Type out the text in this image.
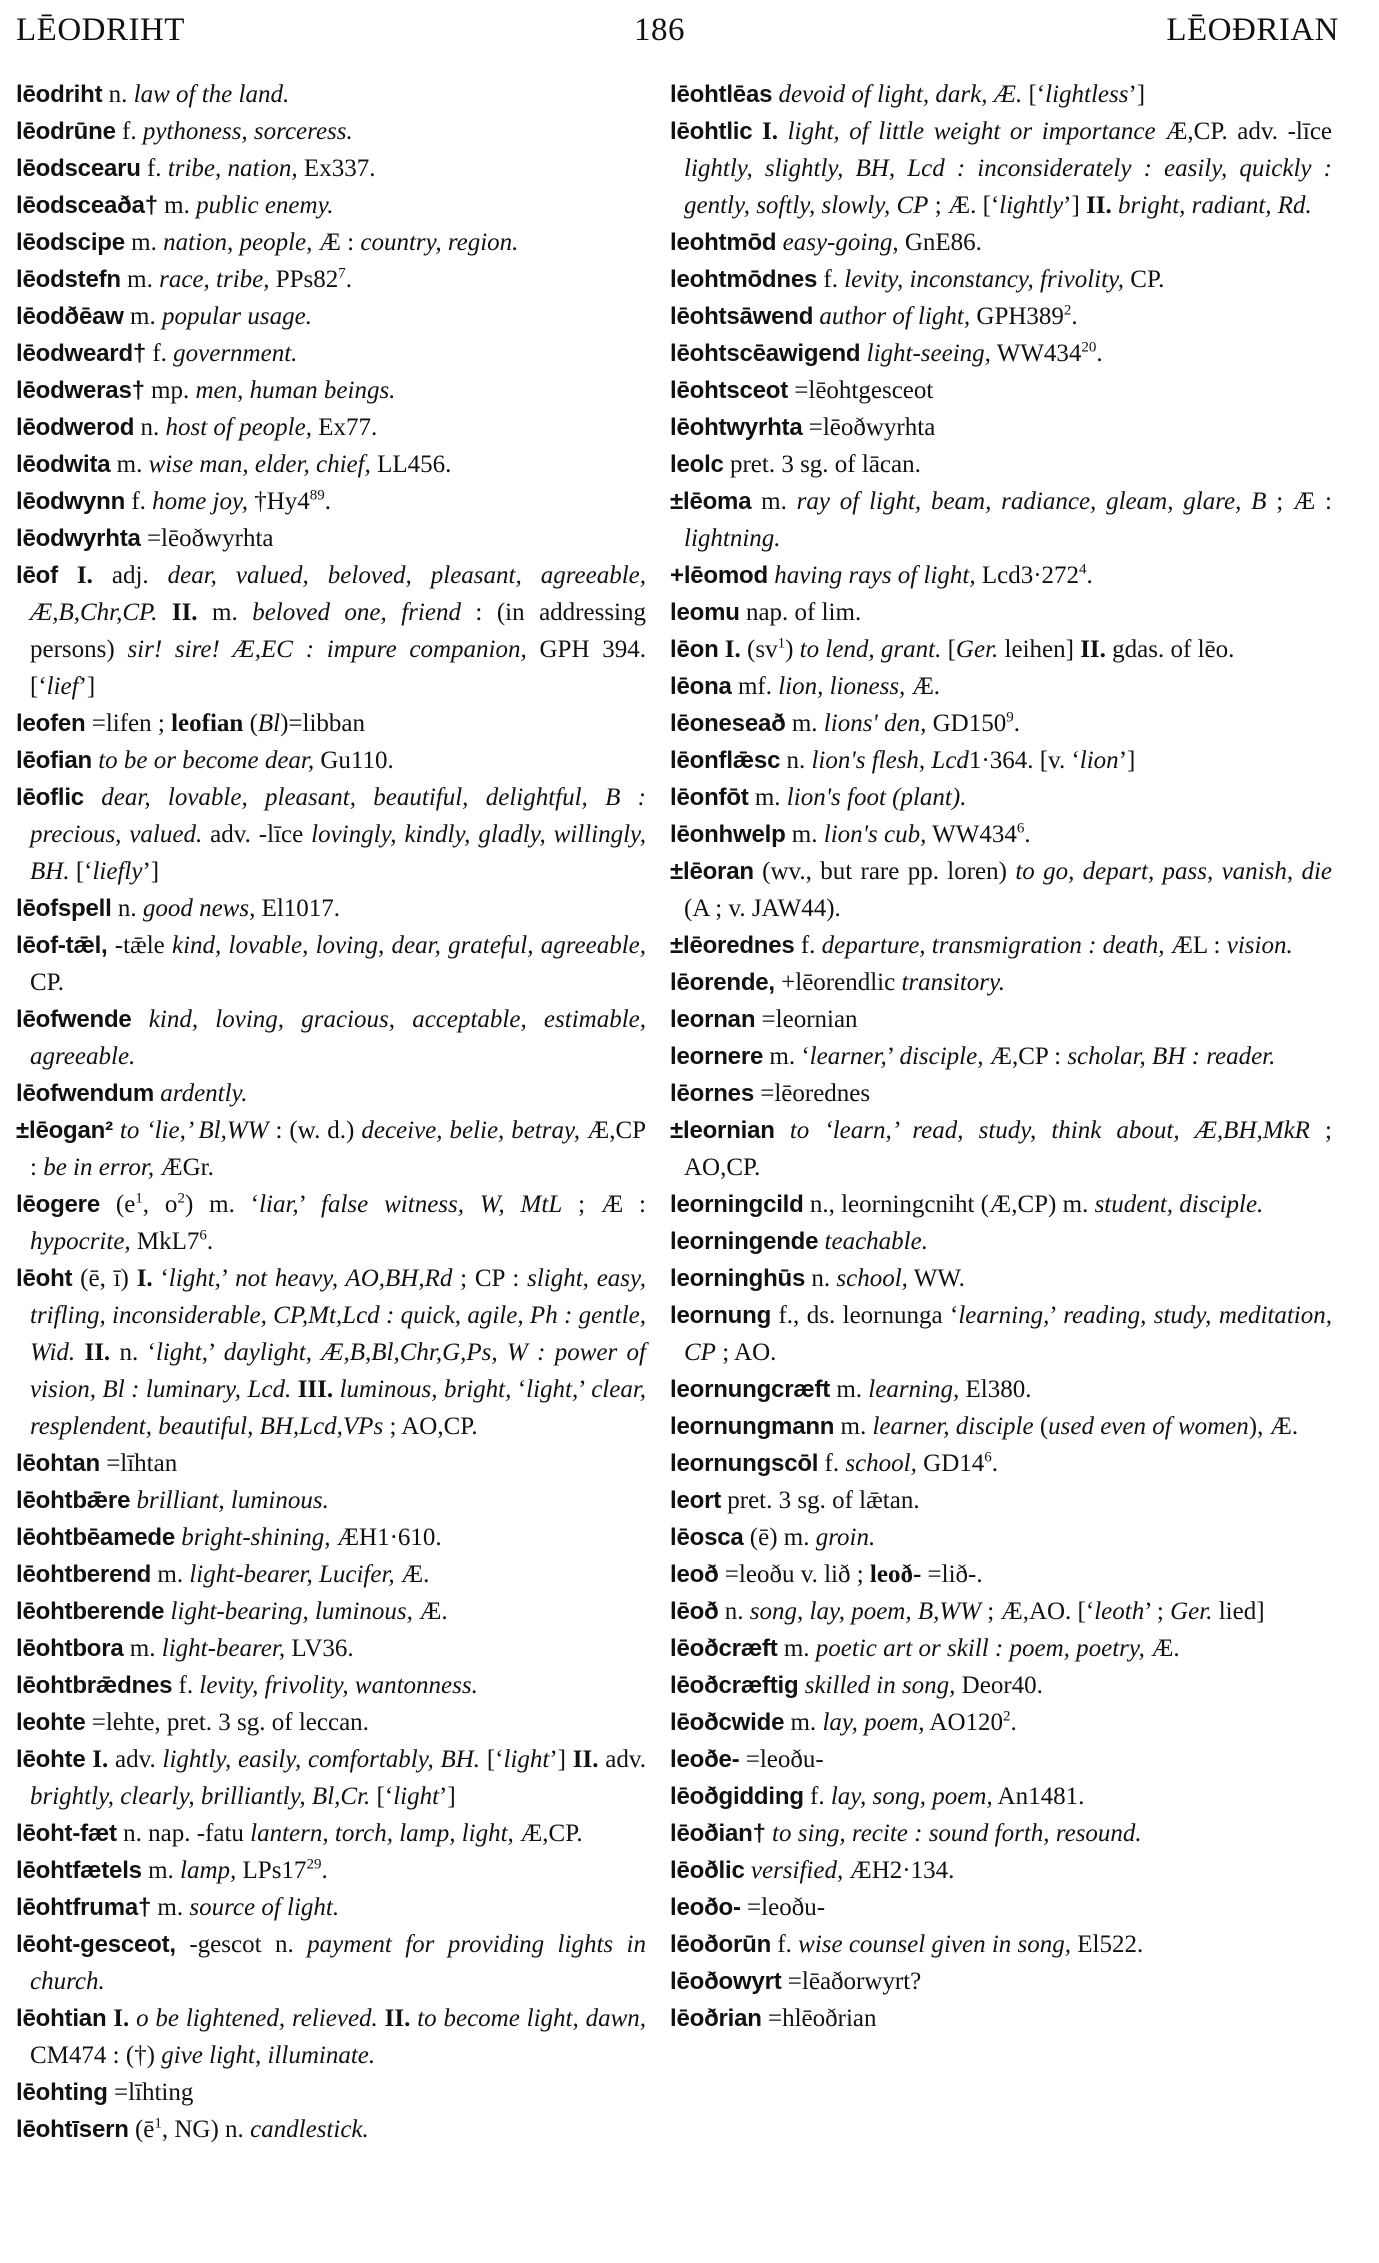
LĒODRIHT	186	LĒOÐRIAN
lēodriht n. law of the land.
lēodrūne f. pythoness, sorceress.
lēodscearu f. tribe, nation, Ex337.
lēodsceaða† m. public enemy.
lēodscipe m. nation, people, Æ : country, region.
lēodstefn m. race, tribe, $PPs82^7$.
lēodðēaw m. popular usage.
lēodweard† f. government.
lēodweras† mp. men, human beings.
lēodwerod n. host of people, Ex77.
lēodwita m. wise man, elder, chief, LL456.
lēodwynn f. home joy, $\dagger Hy4^{89}$.
lēodwyrhta =lēoðwyrhta
lēof I. adj. dear, valued, beloved, pleasant, agreeable, Æ,B,Chr,CP. II. m. beloved one, friend : (in addressing persons) sir! sire! Æ,EC : impure companion, GPH 394. [‘lief’]
leofen =lifen ; leofian (Bl)=libban
lēofian to be or become dear, Gu110.
lēoflic dear, lovable, pleasant, beautiful, delightful, B : precious, valued. adv. -līce lovingly, kindly, gladly, willingly, BH. [‘liefly’]
lēofspell n. good news, El1017.
lēof-tǣl, -tǣle kind, lovable, loving, dear, grateful, agreeable, CP.
lēofwende kind, loving, gracious, acceptable, estimable, agreeable.
lēofwendum ardently.
±lēogan² to ‘lie,’ Bl,WW : (w. d.) deceive, belie, betray, Æ,CP : be in error, ÆGr.
lēogere ($e^1$, $o^2$) m. ‘liar,’ false witness, W, MtL ; Æ : hypocrite, $MkL7^6$.
lēoht (ē, ī) I. ‘light,’ not heavy, AO,BH,Rd ; CP : slight, easy, trifling, inconsiderable, CP,Mt,Lcd : quick, agile, Ph : gentle, Wid. II. n. ‘light,’ daylight, Æ,B,Bl,Chr,G,Ps, W : power of vision, Bl : luminary, Lcd. III. luminous, bright, ‘light,’ clear, resplendent, beautiful, BH,Lcd,VPs ; AO,CP.
lēohtan =līhtan
lēohtbǣre brilliant, luminous.
lēohtbēamede bright-shining, ÆH1·610.
lēohtberend m. light-bearer, Lucifer, Æ.
lēohtberende light-bearing, luminous, Æ.
lēohtbora m. light-bearer, LV36.
lēohtbrǣdnes f. levity, frivolity, wantonness.
leohte =lehte, pret. 3 sg. of leccan.
lēohte I. adv. lightly, easily, comfortably, BH. [‘light’] II. adv. brightly, clearly, brilliantly, Bl,Cr. [‘light’]
lēoht-fæt n. nap. -fatu lantern, torch, lamp, light, Æ,CP.
lēohtfætels m. lamp, $LPs17^{29}$.
lēohtfruma† m. source of light.
lēoht-gesceot, -gescot n. payment for providing lights in church.
lēohtian I. o be lightened, relieved. II. to become light, dawn, CM474 : (†) give light, illuminate.
lēohting =līhting
lēohtīsern ($ē^1$, NG) n. candlestick.
lēohtlēas devoid of light, dark, Æ. [‘lightless’]
lēohtlic I. light, of little weight or importance Æ,CP. adv. -līce lightly, slightly, BH, Lcd : inconsiderately : easily, quickly : gently, softly, slowly, CP ; Æ. [‘lightly’] II. bright, radiant, Rd.
leohtmōd easy-going, GnE86.
leohtmōdnes f. levity, inconstancy, frivolity, CP.
lēohtsāwend author of light, $GPH389^2$.
lēohtscēawigend light-seeing, $WW434^{20}$.
lēohtsceot =lēohtgesceot
lēohtwyrhta =lēoðwyrhta
leolc pret. 3 sg. of lācan.
±lēoma m. ray of light, beam, radiance, gleam, glare, B ; Æ : lightning.
+lēomod having rays of light, $Lcd3\cdot 272^4$.
leomu nap. of lim.
lēon I. $(sv^1)$ to lend, grant. [Ger. leihen] II. gdas. of lēo.
lēona mf. lion, lioness, Æ.
lēoneseað m. lions' den, $GD150^9$.
lēonflǣsc n. lion's flesh, Lcd1·364. [v. ‘lion’]
lēonfōt m. lion's foot (plant).
lēonhwelp m. lion's cub, $WW434^6$.
±lēoran (wv., but rare pp. loren) to go, depart, pass, vanish, die (A ; v. JAW44).
±lēorednes f. departure, transmigration : death, ÆL : vision.
lēorende, +lēorendlic transitory.
leornan =leornian
leornere m. ‘learner,’ disciple, Æ,CP : scholar, BH : reader.
lēornes =lēorednes
±leornian to ‘learn,’ read, study, think about, Æ,BH,MkR ; AO,CP.
leorningcild n., leorningcniht (Æ,CP) m. student, disciple.
leorningende teachable.
leorninghūs n. school, WW.
leornung f., ds. leornunga ‘learning,’ reading, study, meditation, CP ; AO.
leornungcræft m. learning, El380.
leornungmann m. learner, disciple (used even of women), Æ.
leornungscōl f. school, $GD14^6$.
leort pret. 3 sg. of lǣtan.
lēosca (ē) m. groin.
leoð =leoðu v. lið ; leoð- =lið-.
lēoð n. song, lay, poem, B,WW ; Æ,AO. [‘leoth’ ; Ger. lied]
lēoðcræft m. poetic art or skill : poem, poetry, Æ.
lēoðcræftig skilled in song, Deor40.
lēoðcwide m. lay, poem, $AO120^2$.
leoðe- =leoðu-
lēoðgidding f. lay, song, poem, An1481.
lēoðian† to sing, recite : sound forth, resound.
lēoðlic versified, ÆH2·134.
leoðo- =leoðu-
lēoðorūn f. wise counsel given in song, El522.
lēoðowyrt =lēaðorwyrt?
lēoðrian =hlēoðrian
